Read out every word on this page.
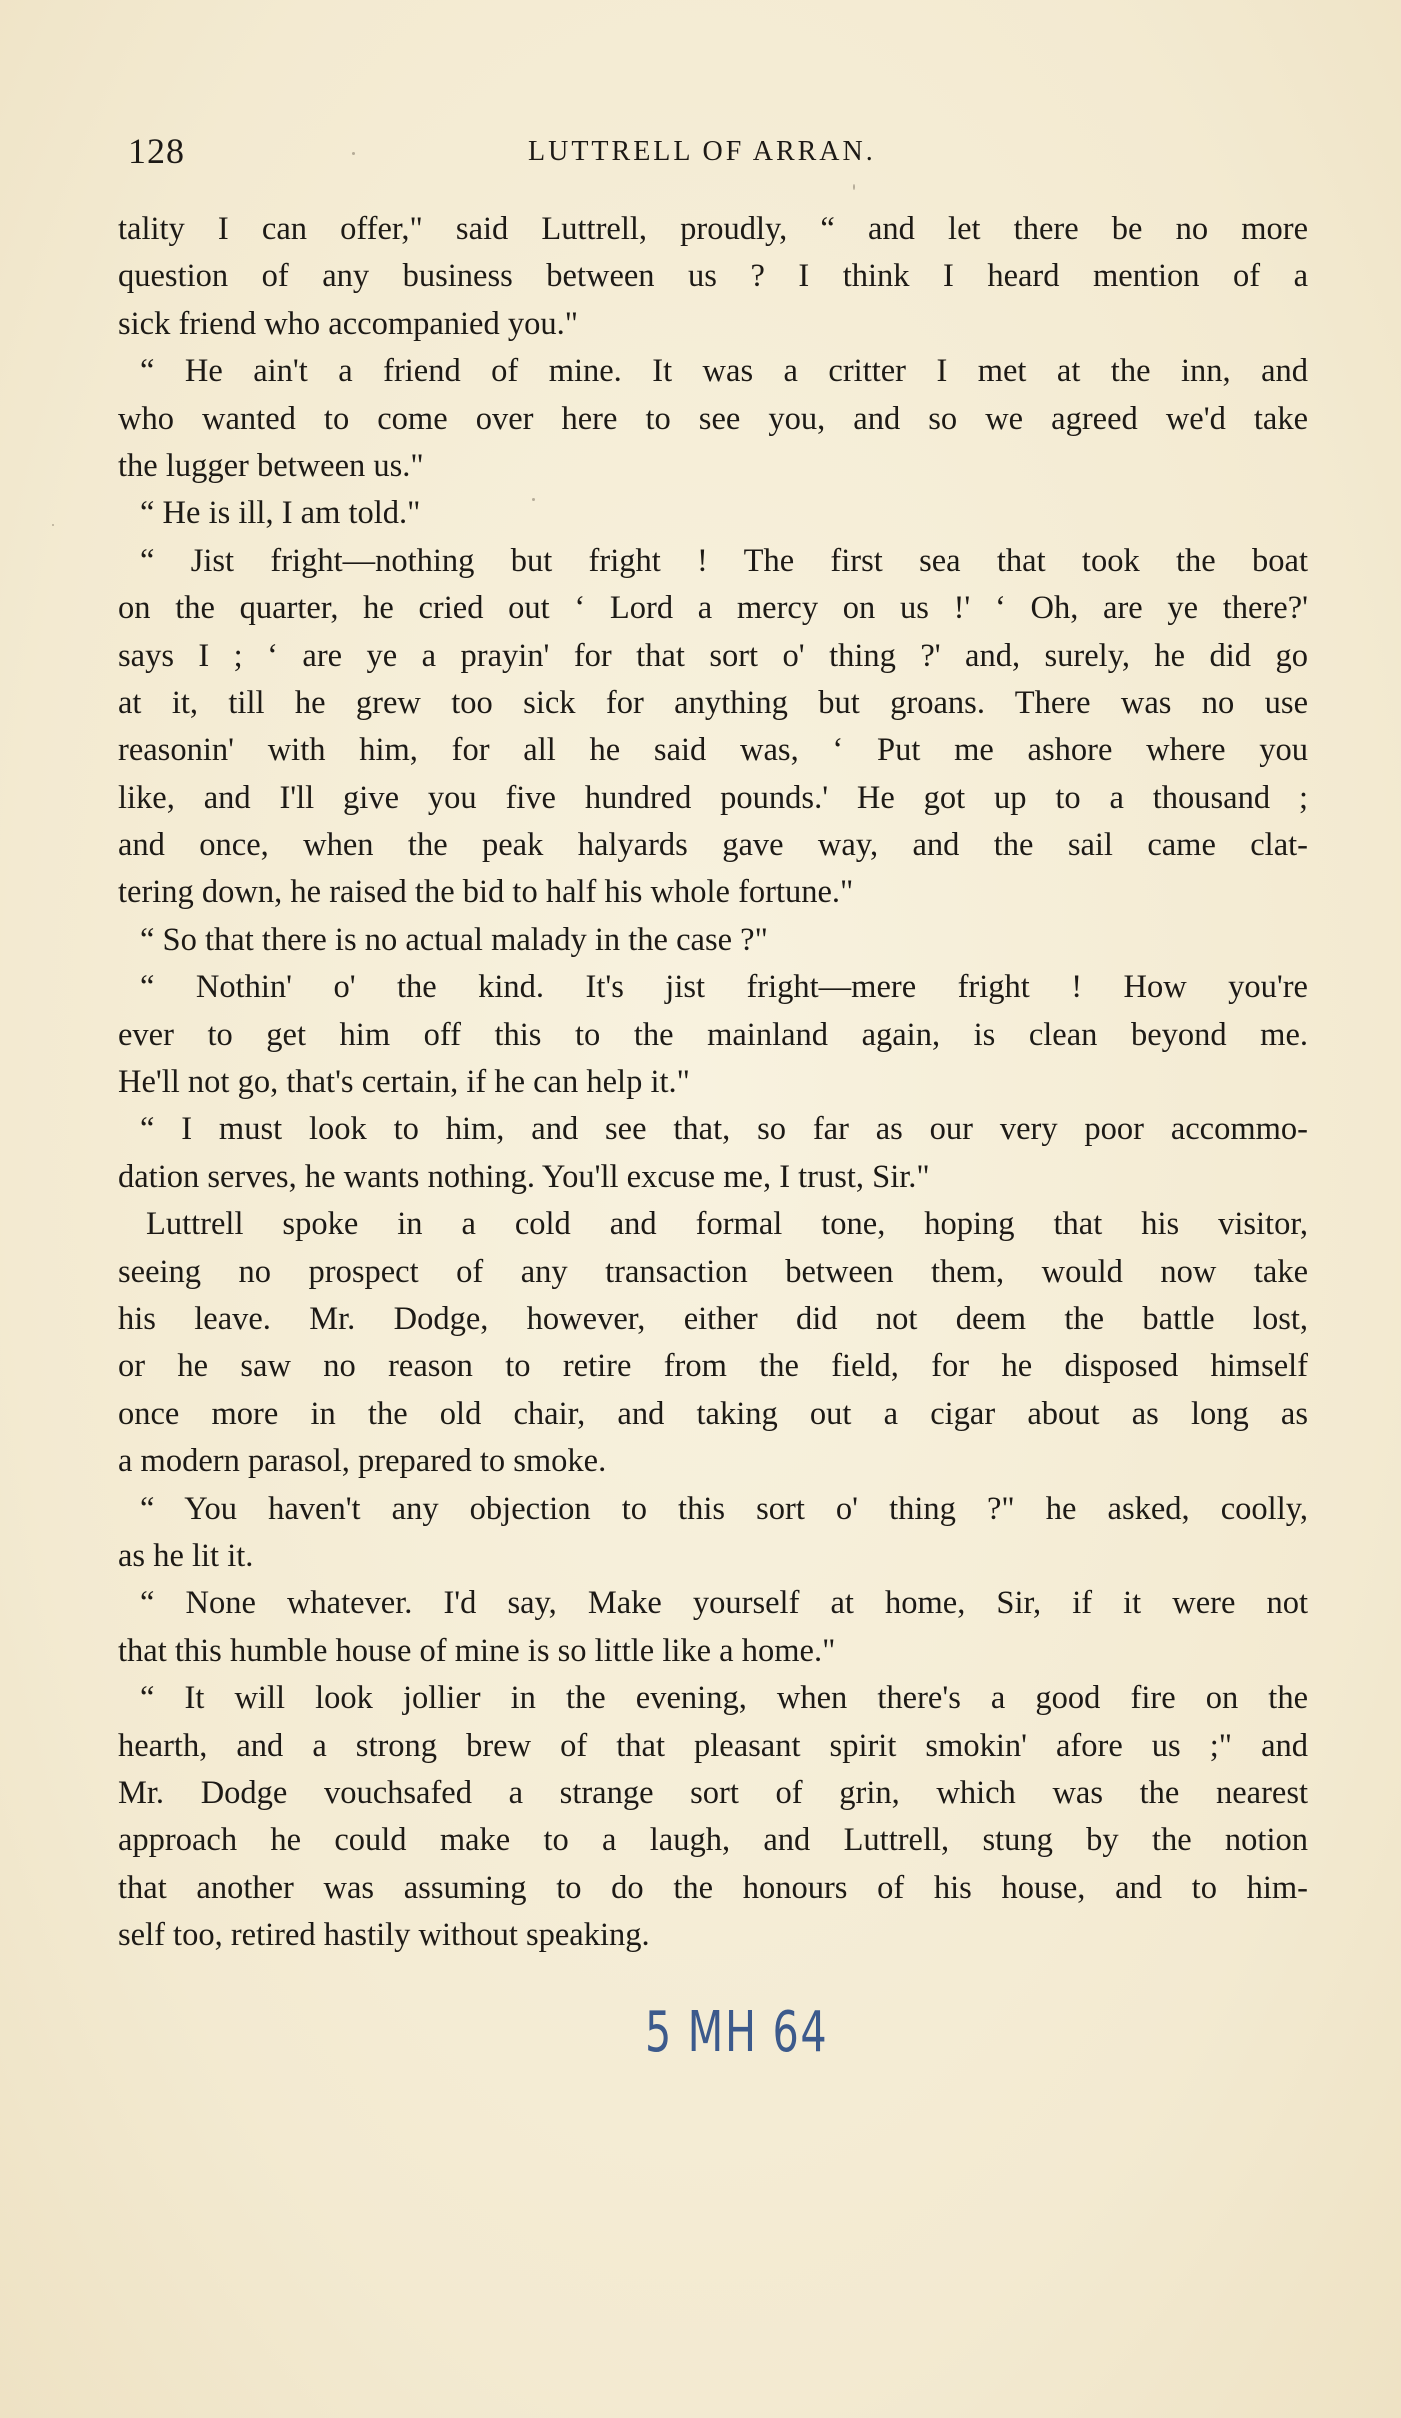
128	LUTTRELL OF ARRAN.
tality I can offer," said Luttrell, proudly, “ and let there be no more
question of any business between us ? I think I heard mention of a
sick friend who accompanied you."
“ He ain't a friend of mine. It was a critter I met at the inn, and
who wanted to come over here to see you, and so we agreed we'd take
the lugger between us."
“ He is ill, I am told."
“ Jist fright—nothing but fright ! The first sea that took the boat
on the quarter, he cried out ‘ Lord a mercy on us !' ‘ Oh, are ye there?'
says I ; ‘ are ye a prayin' for that sort o' thing ?' and, surely, he did go
at it, till he grew too sick for anything but groans. There was no use
reasonin' with him, for all he said was, ‘ Put me ashore where you
like, and I'll give you five hundred pounds.' He got up to a thousand ;
and once, when the peak halyards gave way, and the sail came clat-
tering down, he raised the bid to half his whole fortune."
“ So that there is no actual malady in the case ?"
“ Nothin' o' the kind. It's jist fright—mere fright ! How you're
ever to get him off this to the mainland again, is clean beyond me.
He'll not go, that's certain, if he can help it."
“ I must look to him, and see that, so far as our very poor accommo-
dation serves, he wants nothing. You'll excuse me, I trust, Sir."
Luttrell spoke in a cold and formal tone, hoping that his visitor,
seeing no prospect of any transaction between them, would now take
his leave. Mr. Dodge, however, either did not deem the battle lost,
or he saw no reason to retire from the field, for he disposed himself
once more in the old chair, and taking out a cigar about as long as
a modern parasol, prepared to smoke.
“ You haven't any objection to this sort o' thing ?" he asked, coolly,
as he lit it.
“ None whatever. I'd say, Make yourself at home, Sir, if it were not
that this humble house of mine is so little like a home."
“ It will look jollier in the evening, when there's a good fire on the
hearth, and a strong brew of that pleasant spirit smokin' afore us ;" and
Mr. Dodge vouchsafed a strange sort of grin, which was the nearest
approach he could make to a laugh, and Luttrell, stung by the notion
that another was assuming to do the honours of his house, and to him-
self too, retired hastily without speaking.
5 MH 64
